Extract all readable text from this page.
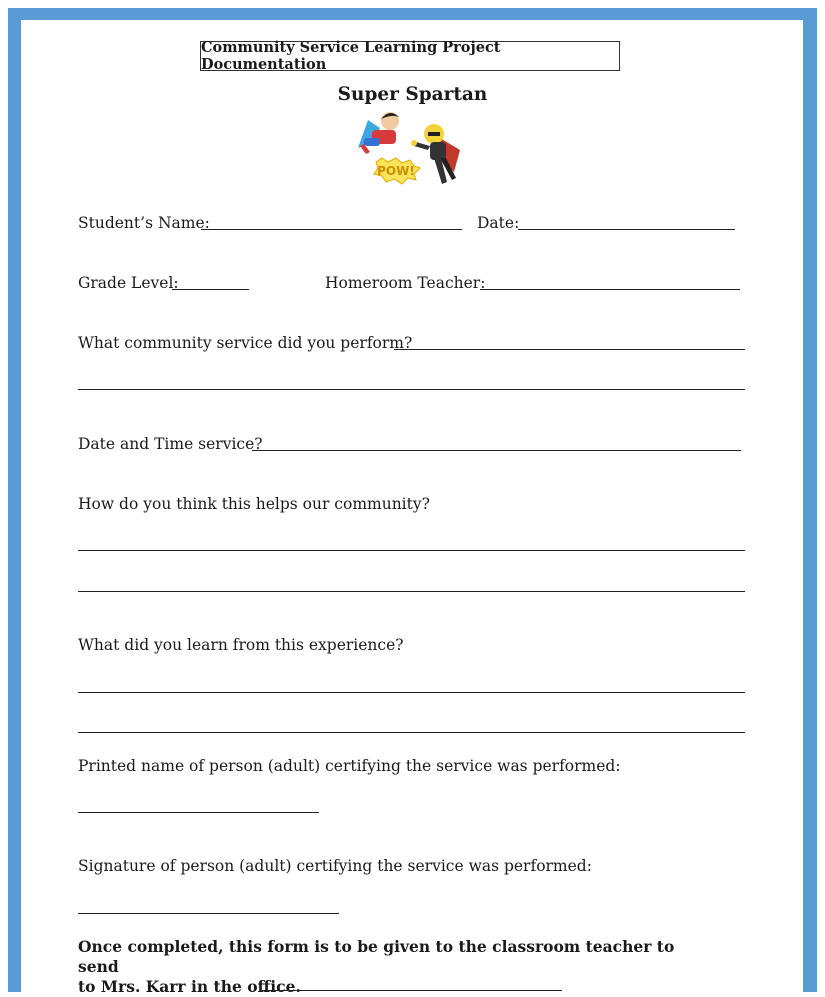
Community Service Learning Project Documentation
Super Spartan
POW!
Student’s Name:	Date:
Grade Level:	Homeroom Teacher:
What community service did you perform?
Date and Time service?
How do you think this helps our community?
What did you learn from this experience?
Printed name of person (adult) certifying the service was performed:
Signature of person (adult) certifying the service was performed:
Once completed, this form is to be given to the classroom teacher to send
to Mrs. Karr in the office.
